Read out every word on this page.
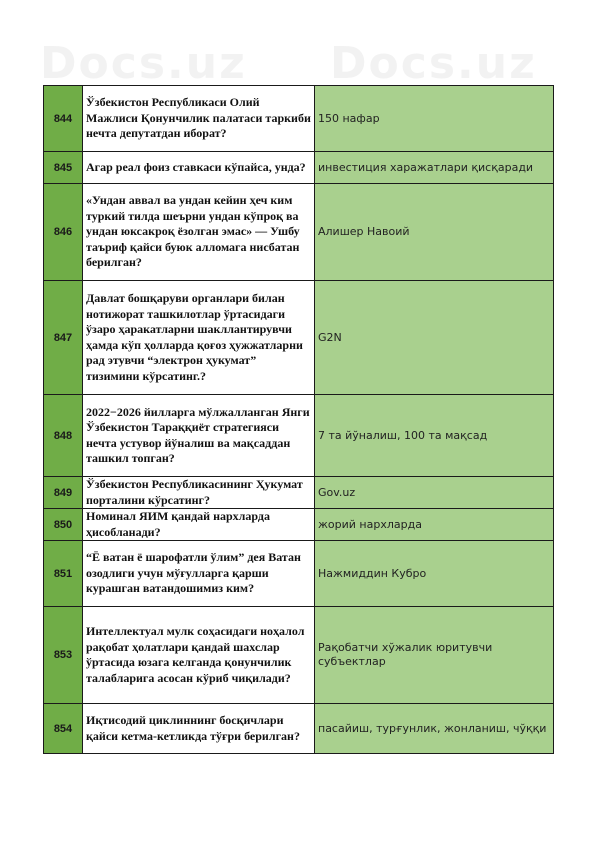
Docs.uz Docs.uz
844	Ўзбекистон Республикаси Олий Мажлиси Қонунчилик палатаси таркиби нечта депутатдан иборат?	150 нафар
845	Агар реал фоиз ставкаси кўпайса, унда?	инвестиция харажатлари қисқаради
846	«Ундан аввал ва ундан кейин ҳеч ким туркий тилда шеърни ундан кўпроқ ва ундан юксакроқ ёзолган эмас» — Ушбу таъриф қайси буюк алломага нисбатан берилган?	Алишер Навоий
847	Давлат бошқаруви органлари билан нотижорат ташкилотлар ўртасидаги ўзаро ҳаракатларни шакллантирувчи ҳамда кўп ҳолларда қоғоз ҳужжатларни рад этувчи “электрон ҳукумат” тизимини кўрсатинг.?	G2N
848	2022−2026 йилларга мўлжалланган Янги Ўзбекистон Тараққиёт стратегияси нечта устувор йўналиш ва мақсаддан ташкил топган?	7 та йўналиш, 100 та мақсад
849	Ўзбекистон Республикасининг Ҳукумат порталини кўрсатинг?	Gov.uz
850	Номинал ЯИМ қандай нархларда ҳисобланади?	жорий нархларда
851	“Ё ватан ё шарофатли ўлим” дея Ватан озодлиги учун мўғулларга қарши курашган ватандошимиз ким?	Нажмиддин Кубро
853	Интеллектуал мулк соҳасидаги ноҳалол рақобат ҳолатлари қандай шахслар ўртасида юзага келганда қонунчилик талабларига асосан кўриб чиқилади?	Рақобатчи хўжалик юритувчи субъектлар
854	Иқтисодий циклиннинг босқичлари қайси кетма-кетликда тўғри берилган?	пасайиш, турғунлик, жонланиш, чўққи
